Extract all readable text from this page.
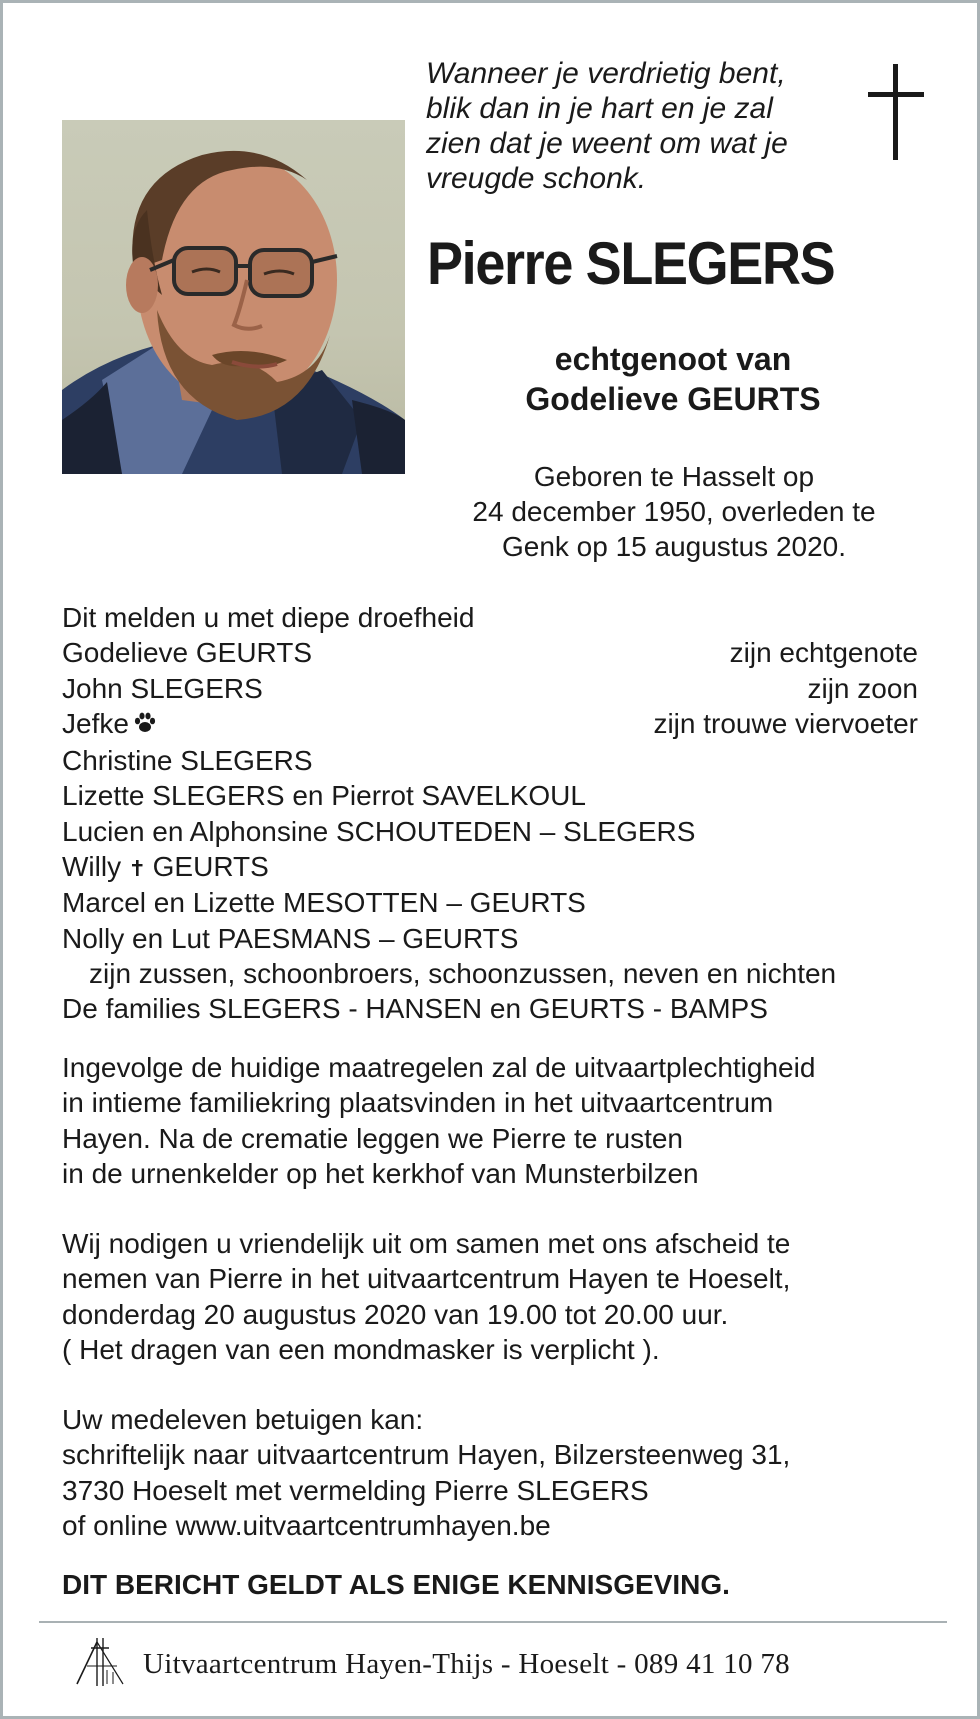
Wanneer je verdrietig bent,
blik dan in je hart en je zal
zien dat je weent om wat je
vreugde schonk.
Pierre SLEGERS
echtgenoot van
Godelieve GEURTS
Geboren te Hasselt op
24 december 1950, overleden te
Genk op 15 augustus 2020.
Dit melden u met diepe droefheid
Godelieve GEURTS	zijn echtgenote
John SLEGERS	zijn zoon
Jefke	zijn trouwe viervoeter
Christine SLEGERS
Lizette SLEGERS en Pierrot SAVELKOUL
Lucien en Alphonsine SCHOUTEDEN – SLEGERS
Willy GEURTS
Marcel en Lizette MESOTTEN – GEURTS
Nolly en Lut PAESMANS – GEURTS
zijn zussen, schoonbroers, schoonzussen, neven en nichten
De families SLEGERS - HANSEN en GEURTS - BAMPS
Ingevolge de huidige maatregelen zal de uitvaartplechtigheid
in intieme familiekring plaatsvinden in het uitvaartcentrum
Hayen. Na de crematie leggen we Pierre te rusten
in de urnenkelder op het kerkhof van Munsterbilzen
Wij nodigen u vriendelijk uit om samen met ons afscheid te
nemen van Pierre in het uitvaartcentrum Hayen te Hoeselt,
donderdag 20 augustus 2020 van 19.00 tot 20.00 uur.
( Het dragen van een mondmasker is verplicht ).
Uw medeleven betuigen kan:
schriftelijk naar uitvaartcentrum Hayen, Bilzersteenweg 31,
3730 Hoeselt met vermelding Pierre SLEGERS
of online www.uitvaartcentrumhayen.be
DIT BERICHT GELDT ALS ENIGE KENNISGEVING.
Uitvaartcentrum Hayen-Thijs - Hoeselt - 089 41 10 78
